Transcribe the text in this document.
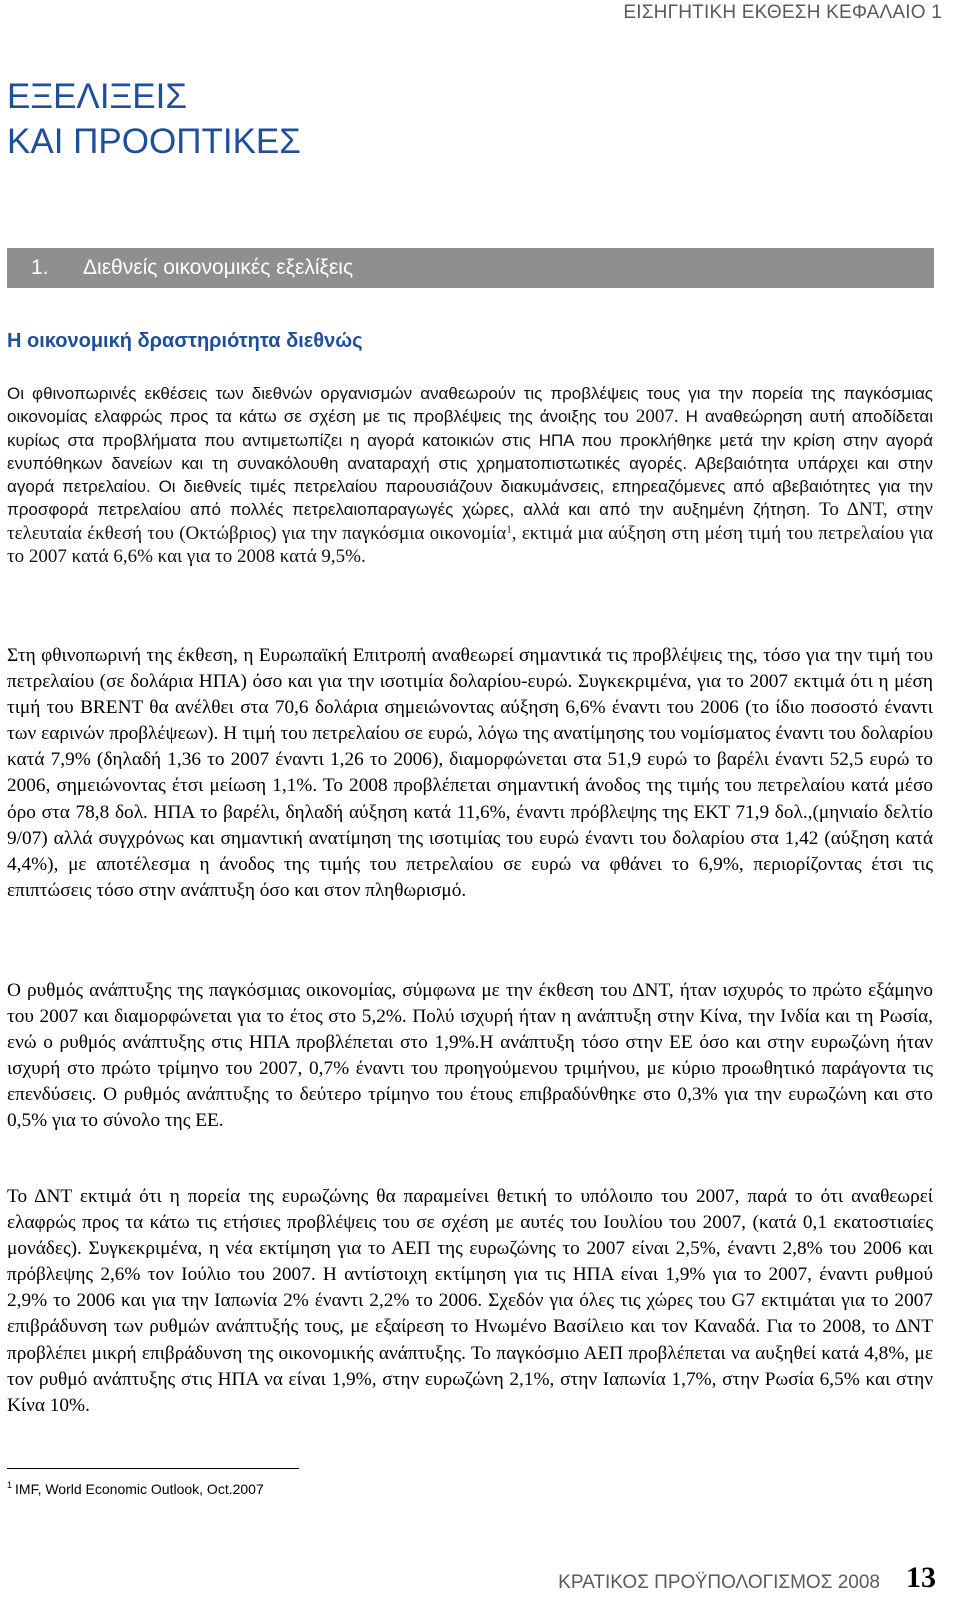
ΕΙΣΗΓΗΤΙΚΗ ΕΚΘΕΣΗ ΚΕΦΑΛΑΙΟ 1
ΕΞΕΛΙΞΕΙΣ
ΚΑΙ ΠΡΟΟΠΤΙΚΕΣ
1. Διεθνείς οικονομικές εξελίξεις
Η οικονομική δραστηριότητα διεθνώς
Οι φθινοπωρινές εκθέσεις των διεθνών οργανισμών αναθεωρούν τις προβλέψεις τους για την πορεία της παγκόσμιας οικονομίας ελαφρώς προς τα κάτω σε σχέση με τις προβλέψεις της άνοιξης του 2007. Η αναθεώρηση αυτή αποδίδεται κυρίως στα προβλήματα που αντιμετωπίζει η αγορά κατοικιών στις ΗΠΑ που προκλήθηκε μετά την κρίση στην αγορά ενυπόθηκων δανείων και τη συνακόλουθη αναταραχή στις χρηματοπιστωτικές αγορές. Αβεβαιότητα υπάρχει και στην αγορά πετρελαίου. Οι διεθνείς τιμές πετρελαίου παρουσιάζουν διακυμάνσεις, επηρεαζόμενες από αβεβαιότητες για την προσφορά πετρελαίου από πολλές πετρελαιοπαραγωγές χώρες, αλλά και από την αυξημένη ζήτηση. Το ΔΝΤ, στην τελευταία έκθεσή του (Οκτώβριος) για την παγκόσμια οικονομία$^1$, εκτιμά μια αύξηση στη μέση τιμή του πετρελαίου για το 2007 κατά 6,6% και για το 2008 κατά 9,5%.
Στη φθινοπωρινή της έκθεση, η Ευρωπαϊκή Επιτροπή αναθεωρεί σημαντικά τις προβλέψεις της, τόσο για την τιμή του πετρελαίου (σε δολάρια ΗΠΑ) όσο και για την ισοτιμία δολαρίου-ευρώ. Συγκεκριμένα, για το 2007 εκτιμά ότι η μέση τιμή του BRENT θα ανέλθει στα 70,6 δολάρια σημειώνοντας αύξηση 6,6% έναντι του 2006 (το ίδιο ποσοστό έναντι των εαρινών προβλέψεων). Η τιμή του πετρελαίου σε ευρώ, λόγω της ανατίμησης του νομίσματος έναντι του δολαρίου κατά 7,9% (δηλαδή 1,36 το 2007 έναντι 1,26 το 2006), διαμορφώνεται στα 51,9 ευρώ το βαρέλι έναντι 52,5 ευρώ το 2006, σημειώνοντας έτσι μείωση 1,1%. Το 2008 προβλέπεται σημαντική άνοδος της τιμής του πετρελαίου κατά μέσο όρο στα 78,8 δολ. ΗΠΑ το βαρέλι, δηλαδή αύξηση κατά 11,6%, έναντι πρόβλεψης της ΕΚΤ 71,9 δολ.,(μηνιαίο δελτίο 9/07) αλλά συγχρόνως και σημαντική ανατίμηση της ισοτιμίας του ευρώ έναντι του δολαρίου στα 1,42 (αύξηση κατά 4,4%), με αποτέλεσμα η άνοδος της τιμής του πετρελαίου σε ευρώ να φθάνει το 6,9%, περιορίζοντας έτσι τις επιπτώσεις τόσο στην ανάπτυξη όσο και στον πληθωρισμό.
Ο ρυθμός ανάπτυξης της παγκόσμιας οικονομίας, σύμφωνα με την έκθεση του ΔΝΤ, ήταν ισχυρός το πρώτο εξάμηνο του 2007 και διαμορφώνεται για το έτος στο 5,2%. Πολύ ισχυρή ήταν η ανάπτυξη στην Κίνα, την Ινδία και τη Ρωσία, ενώ ο ρυθμός ανάπτυξης στις ΗΠΑ προβλέπεται στο 1,9%.Η ανάπτυξη τόσο στην ΕΕ όσο και στην ευρωζώνη ήταν ισχυρή στο πρώτο τρίμηνο του 2007, 0,7% έναντι του προηγούμενου τριμήνου, με κύριο προωθητικό παράγοντα τις επενδύσεις. Ο ρυθμός ανάπτυξης το δεύτερο τρίμηνο του έτους επιβραδύνθηκε στο 0,3% για την ευρωζώνη και στο 0,5% για το σύνολο της ΕΕ.
Το ΔΝΤ εκτιμά ότι η πορεία της ευρωζώνης θα παραμείνει θετική το υπόλοιπο του 2007, παρά το ότι αναθεωρεί ελαφρώς προς τα κάτω τις ετήσιες προβλέψεις του σε σχέση με αυτές του Ιουλίου του 2007, (κατά 0,1 εκατοστιαίες μονάδες). Συγκεκριμένα, η νέα εκτίμηση για το ΑΕΠ της ευρωζώνης το 2007 είναι 2,5%, έναντι 2,8% του 2006 και πρόβλεψης 2,6% τον Ιούλιο του 2007. Η αντίστοιχη εκτίμηση για τις ΗΠΑ είναι 1,9% για το 2007, έναντι ρυθμού 2,9% το 2006 και για την Ιαπωνία 2% έναντι 2,2% το 2006. Σχεδόν για όλες τις χώρες του G7 εκτιμάται για το 2007 επιβράδυνση των ρυθμών ανάπτυξής τους, με εξαίρεση το Ηνωμένο Βασίλειο και τον Καναδά. Για το 2008, το ΔΝΤ προβλέπει μικρή επιβράδυνση της οικονομικής ανάπτυξης. Το παγκόσμιο ΑΕΠ προβλέπεται να αυξηθεί κατά 4,8%, με τον ρυθμό ανάπτυξης στις ΗΠΑ να είναι 1,9%, στην ευρωζώνη 2,1%, στην Ιαπωνία 1,7%, στην Ρωσία 6,5% και στην Κίνα 10%.
$^1$ IMF, World Economic Outlook, Oct.2007
ΚΡΑΤΙΚΟΣ ΠΡΟΫΠΟΛΟΓΙΣΜΟΣ 2008 13
